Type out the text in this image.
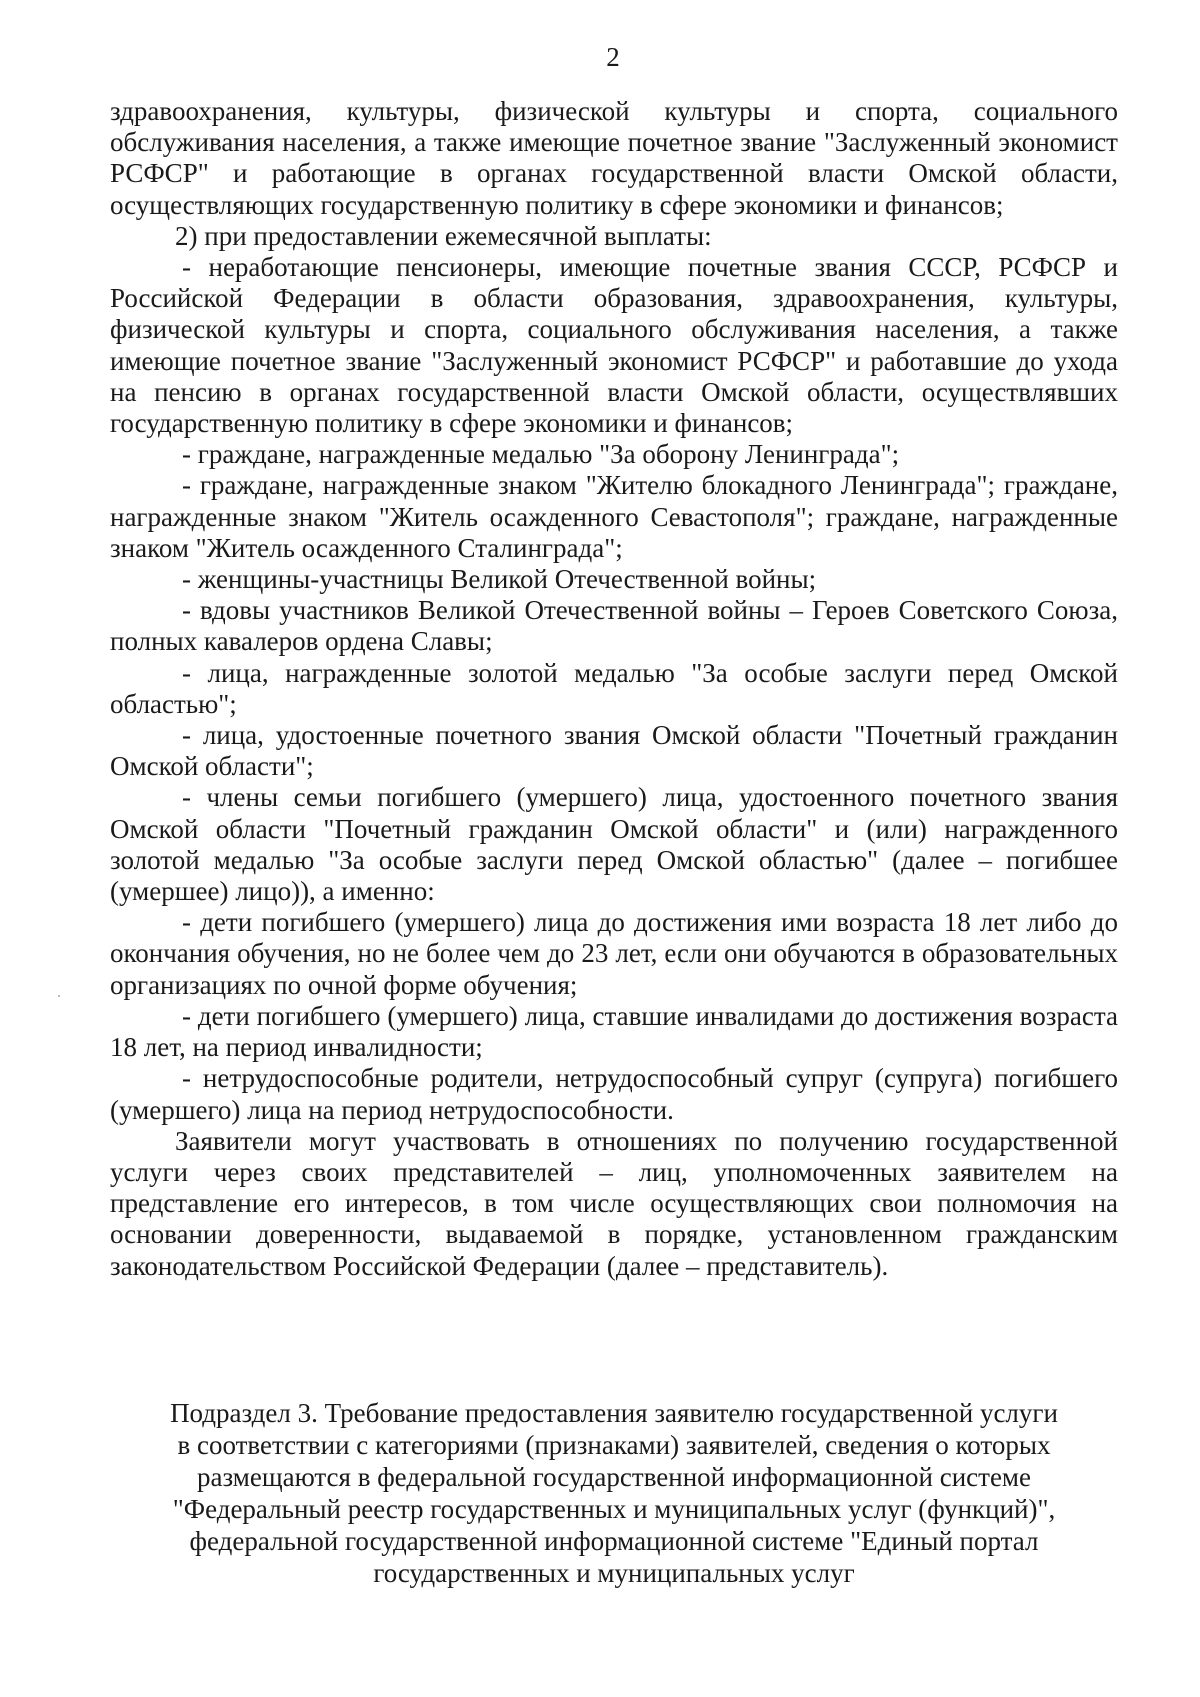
2

здравоохранения, культуры, физической культуры и спорта, социального обслуживания населения, а также имеющие почетное звание "Заслуженный экономист РСФСР" и работающие в органах государственной власти Омской области, осуществляющих государственную политику в сфере экономики и финансов;

2) при предоставлении ежемесячной выплаты:

- неработающие пенсионеры, имеющие почетные звания СССР, РСФСР и Российской Федерации в области образования, здравоохранения, культуры, физической культуры и спорта, социального обслуживания населения, а также имеющие почетное звание "Заслуженный экономист РСФСР" и работавшие до ухода на пенсию в органах государственной власти Омской области, осуществлявших государственную политику в сфере экономики и финансов;

- граждане, награжденные медалью "За оборону Ленинграда";

- граждане, награжденные знаком "Жителю блокадного Ленинграда"; граждане, награжденные знаком "Житель осажденного Севастополя"; граждане, награжденные знаком "Житель осажденного Сталинграда";

- женщины-участницы Великой Отечественной войны;

- вдовы участников Великой Отечественной войны – Героев Советского Союза, полных кавалеров ордена Славы;

- лица, награжденные золотой медалью "За особые заслуги перед Омской областью";

- лица, удостоенные почетного звания Омской области "Почетный гражданин Омской области";

- члены семьи погибшего (умершего) лица, удостоенного почетного звания Омской области "Почетный гражданин Омской области" и (или) награжденного золотой медалью "За особые заслуги перед Омской областью" (далее – погибшее (умершее) лицо)), а именно:

- дети погибшего (умершего) лица до достижения ими возраста 18 лет либо до окончания обучения, но не более чем до 23 лет, если они обучаются в образовательных организациях по очной форме обучения;

- дети погибшего (умершего) лица, ставшие инвалидами до достижения возраста 18 лет, на период инвалидности;

- нетрудоспособные родители, нетрудоспособный супруг (супруга) погибшего (умершего) лица на период нетрудоспособности.

Заявители могут участвовать в отношениях по получению государственной услуги через своих представителей – лиц, уполномоченных заявителем на представление его интересов, в том числе осуществляющих свои полномочия на основании доверенности, выдаваемой в порядке, установленном гражданским законодательством Российской Федерации (далее – представитель).

Подраздел 3. Требование предоставления заявителю государственной услуги

в соответствии с категориями (признаками) заявителей, сведения о которых

размещаются в федеральной государственной информационной системе

"Федеральный реестр государственных и муниципальных услуг (функций)",

федеральной государственной информационной системе "Единый портал

государственных и муниципальных услуг
